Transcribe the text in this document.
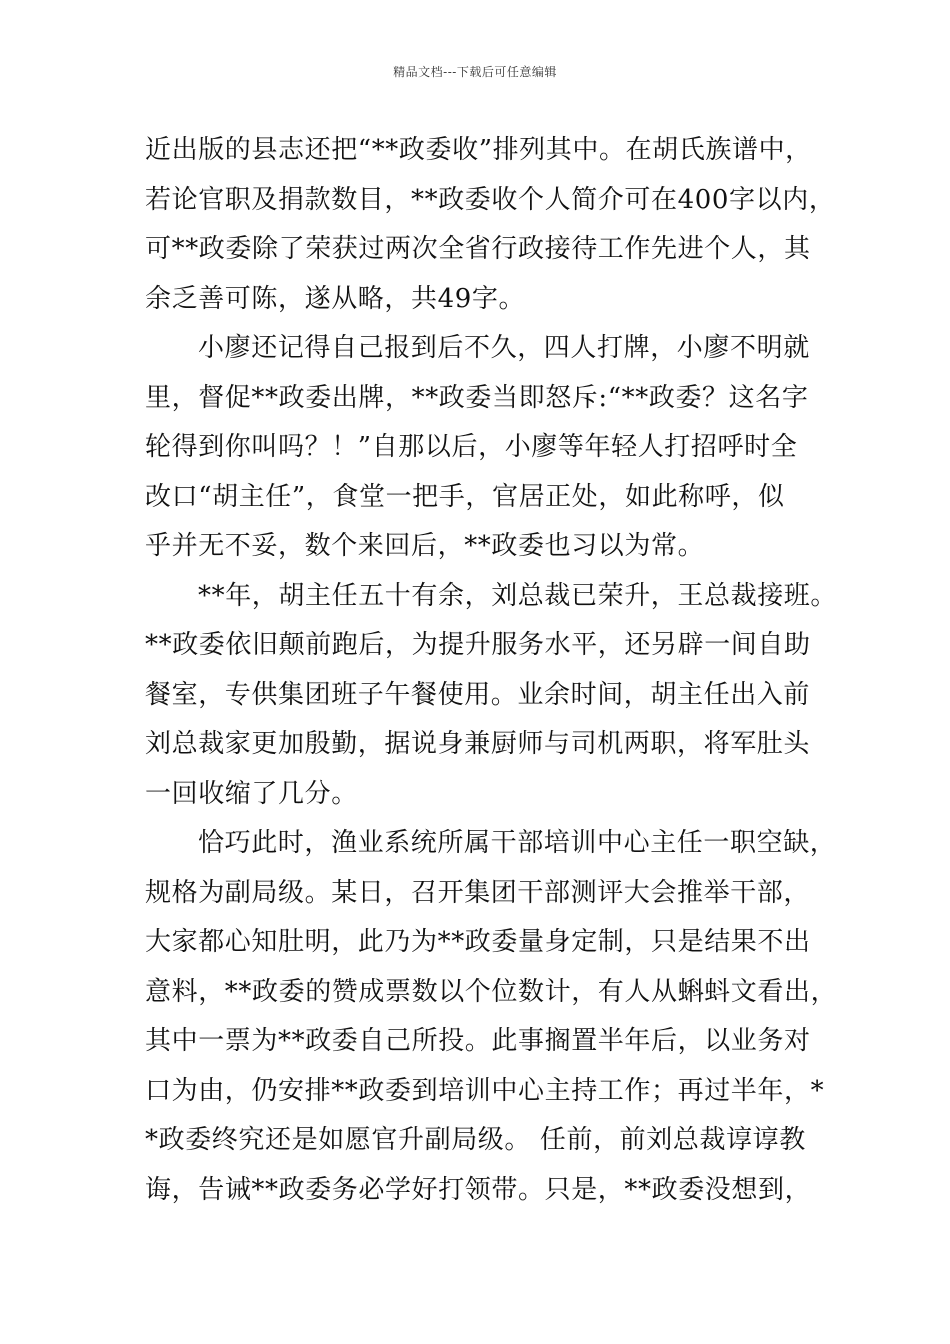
精品文档---下载后可任意编辑
近出版的县志还把“**政委收”排列其中。在胡氏族谱中，
若论官职及捐款数目，**政委收个人简介可在400字以内，
可**政委除了荣获过两次全省行政接待工作先进个人，其
余乏善可陈，遂从略，共49字。
小廖还记得自己报到后不久，四人打牌，小廖不明就
里，督促**政委出牌，**政委当即怒斥:“**政委？这名字
轮得到你叫吗？！”自那以后，小廖等年轻人打招呼时全
改口“胡主任”，食堂一把手，官居正处，如此称呼，似
乎并无不妥，数个来回后，**政委也习以为常。
**年，胡主任五十有余，刘总裁已荣升，王总裁接班。
**政委依旧颠前跑后，为提升服务水平，还另辟一间自助
餐室，专供集团班子午餐使用。业余时间，胡主任出入前
刘总裁家更加殷勤，据说身兼厨师与司机两职，将军肚头
一回收缩了几分。
恰巧此时，渔业系统所属干部培训中心主任一职空缺，
规格为副局级。某日，召开集团干部测评大会推举干部，
大家都心知肚明，此乃为**政委量身定制，只是结果不出
意料，**政委的赞成票数以个位数计，有人从蝌蚪文看出，
其中一票为**政委自己所投。此事搁置半年后，以业务对
口为由，仍安排**政委到培训中心主持工作；再过半年，*
*政委终究还是如愿官升副局级。 任前，前刘总裁谆谆教
诲，告诫**政委务必学好打领带。只是，**政委没想到，
